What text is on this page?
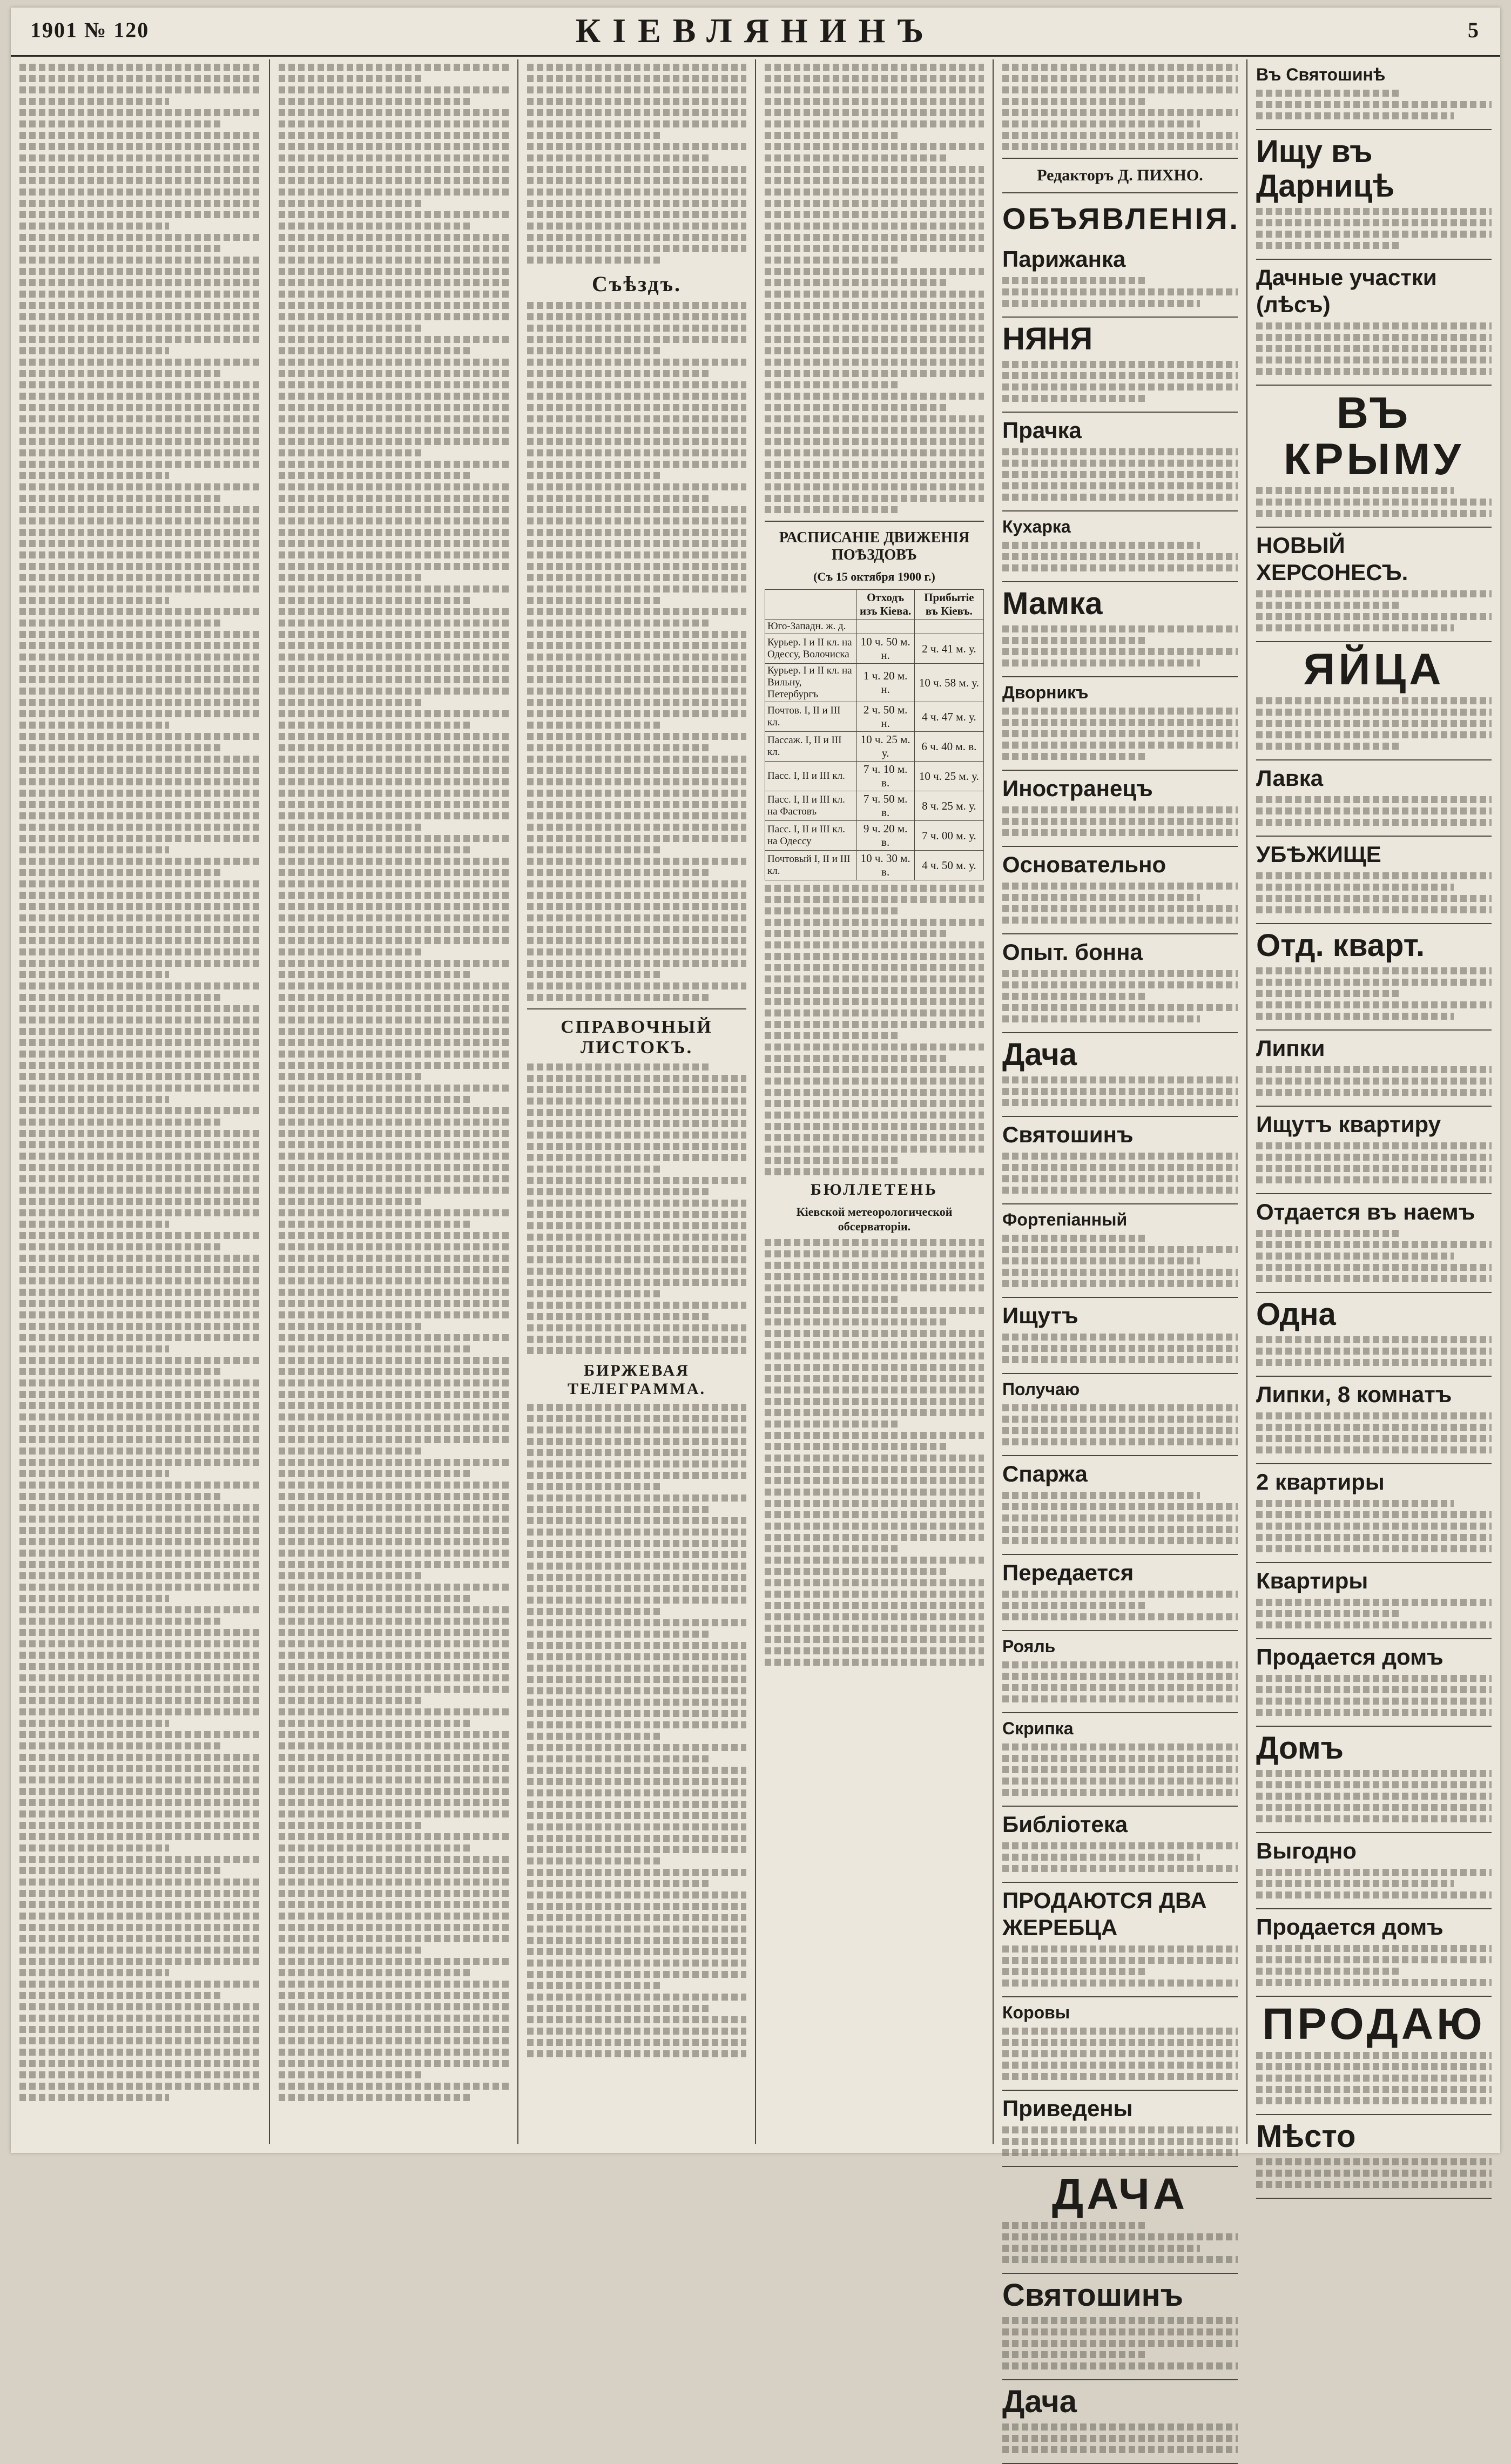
1901 № 120	КІЕВЛЯНИНЪ	5
Съѣздъ.
СПРАВОЧНЫЙ ЛИСТОКЪ.
БИРЖЕВАЯ ТЕЛЕГРАММА.
РАСПИСАНІЕ ДВИЖЕНІЯ ПОѢЗДОВЪ
(Съ 15 октября 1900 г.)
	Отходъ изъ Кіева.	Прибытіе въ Кіевъ.
Юго-Западн. ж. д.		
Курьер. I и II кл. на Одессу, Волочиска	10 ч. 50 м. н.	2 ч. 41 м. у.
Курьер. I и II кл. на Вильну, Петербургъ	1 ч. 20 м. н.	10 ч. 58 м. у.
Почтов. I, II и III кл.	2 ч. 50 м. н.	4 ч. 47 м. у.
Пассаж. I, II и III кл.	10 ч. 25 м. у.	6 ч. 40 м. в.
Пасс. I, II и III кл.	7 ч. 10 м. в.	10 ч. 25 м. у.
Пасс. I, II и III кл. на Фастовъ	7 ч. 50 м. в.	8 ч. 25 м. у.
Пасс. I, II и III кл. на Одессу	9 ч. 20 м. в.	7 ч. 00 м. у.
Почтовый I, II и III кл.	10 ч. 30 м. в.	4 ч. 50 м. у.
БЮЛЛЕТЕНЬ
Кіевской метеорологической обсерваторіи.
Редакторъ Д. ПИХНО.
ОБЪЯВЛЕНІЯ.
Парижанка
НЯНЯ
Прачка
Кухарка
Мамка
Дворникъ
Иностранецъ
Основательно
Опыт. бонна
Дача
Святошинъ
Фортепіанный
Ищутъ
Получаю
Спаржа
Передается
Рояль
Скрипка
Библіотека
ПРОДАЮТСЯ ДВА ЖЕРЕБЦА
Коровы
Приведены
ДАЧА
Святошинъ
Дача
Въ Святошинѣ
Ищу въ Дарницѣ
Дачные участки (лѣсъ)
ВЪ КРЫМУ
НОВЫЙ ХЕРСОНЕСЪ.
ЯЙЦА
Лавка
УБѢЖИЩЕ
Отд. кварт.
Липки
Ищутъ квартиру
Отдается въ наемъ
Одна
Липки, 8 комнатъ
2 квартиры
Квартиры
Продается домъ
Домъ
Выгодно
Продается домъ
ПРОДАЮ
Мѣсто
